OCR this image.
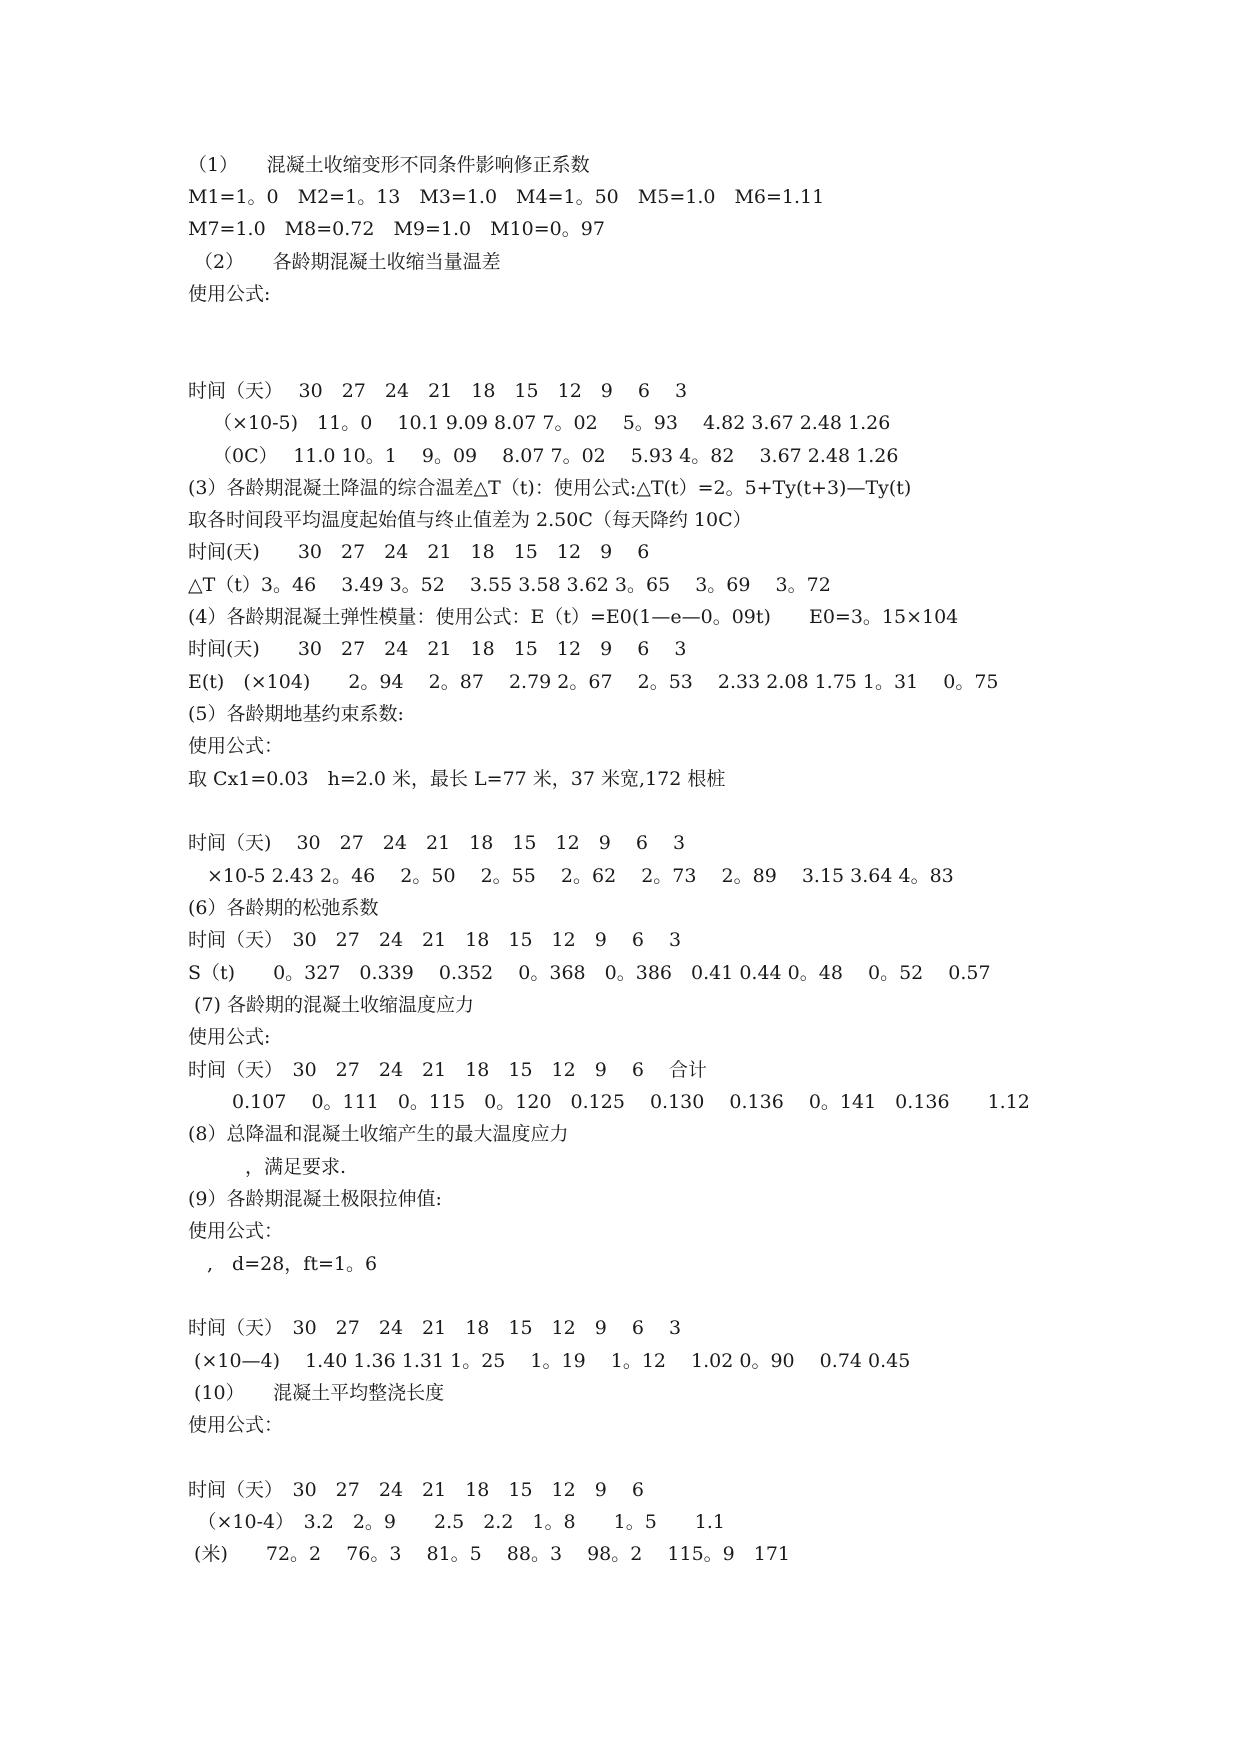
（1）　　混凝土收缩变形不同条件影响修正系数

M1=1。0　M2=1。13　M3=1.0　M4=1。50　M5=1.0　M6=1.11

M7=1.0　M8=0.72　M9=1.0　M10=0。97

（2）　　各龄期混凝土收缩当量温差

使用公式:

时间（天）　 30　27　24　21　18　15　12　9　 6　 3

　 （×10-5)　11。0　 10.1 9.09 8.07 7。02　 5。93　 4.82 3.67 2.48 1.26

　 （0C）　 11.0 10。1　 9。09　 8.07 7。02　 5.93 4。82　 3.67 2.48 1.26

(3）各龄期混凝土降温的综合温差△T（t)：使用公式:△T(t）=2。5+Ty(t+3)—Ty(t)

取各时间段平均温度起始值与终止值差为 2.50C（每天降约 10C）

时间(天)　　30　27　24　21　18　15　12　9　 6

△T（t）3。46　 3.49 3。52　 3.55 3.58 3.62 3。65　 3。69　 3。72

(4）各龄期混凝土弹性模量：使用公式：E（t）=E0(1—e—0。09t)　　E0=3。15×104

时间(天)　　30　27　24　21　18　15　12　9　 6　 3

E(t)　(×104)　　2。94　 2。87　 2.79 2。67　 2。53　 2.33 2.08 1.75 1。31　 0。75

(5）各龄期地基约束系数:

使用公式：

取 Cx1=0.03　h=2.0 米，最长 L=77 米，37 米宽,172 根桩

时间（天)　 30　27　24　21　18　15　12　9　 6　 3

　×10-5 2.43 2。46　 2。50　 2。55　 2。62　 2。73　 2。89　 3.15 3.64 4。83

(6）各龄期的松弛系数

时间（天）　30　27　24　21　18　15　12　9　 6　 3

S（t)　　0。327　0.339　 0.352　 0。368　0。386　0.41 0.44 0。48　 0。52　 0.57

(7) 各龄期的混凝土收缩温度应力

使用公式:

时间（天）　30　27　24　21　18　15　12　9　 6　 合计

　　 0.107　 0。111　0。115　0。120　0.125　 0.130　 0.136　 0。141　0.136　　1.12

(8）总降温和混凝土收缩产生的最大温度应力

　　　，满足要求.

(9）各龄期混凝土极限拉伸值:

使用公式：

　,　d=28，ft=1。6

时间（天）　30　27　24　21　18　15　12　9　 6　 3

(×10—4)　 1.40 1.36 1.31 1。25　 1。19　 1。12　 1.02 0。90　 0.74 0.45

(10）　　混凝土平均整浇长度

使用公式：

时间（天）　30　27　24　21　18　15　12　9　 6

　（×10-4）　3.2　2。9　　2.5　2.2　1。8　　1。5　　1.1

(米)　　72。2　 76。3　 81。5　 88。3　 98。2　 115。9　171
